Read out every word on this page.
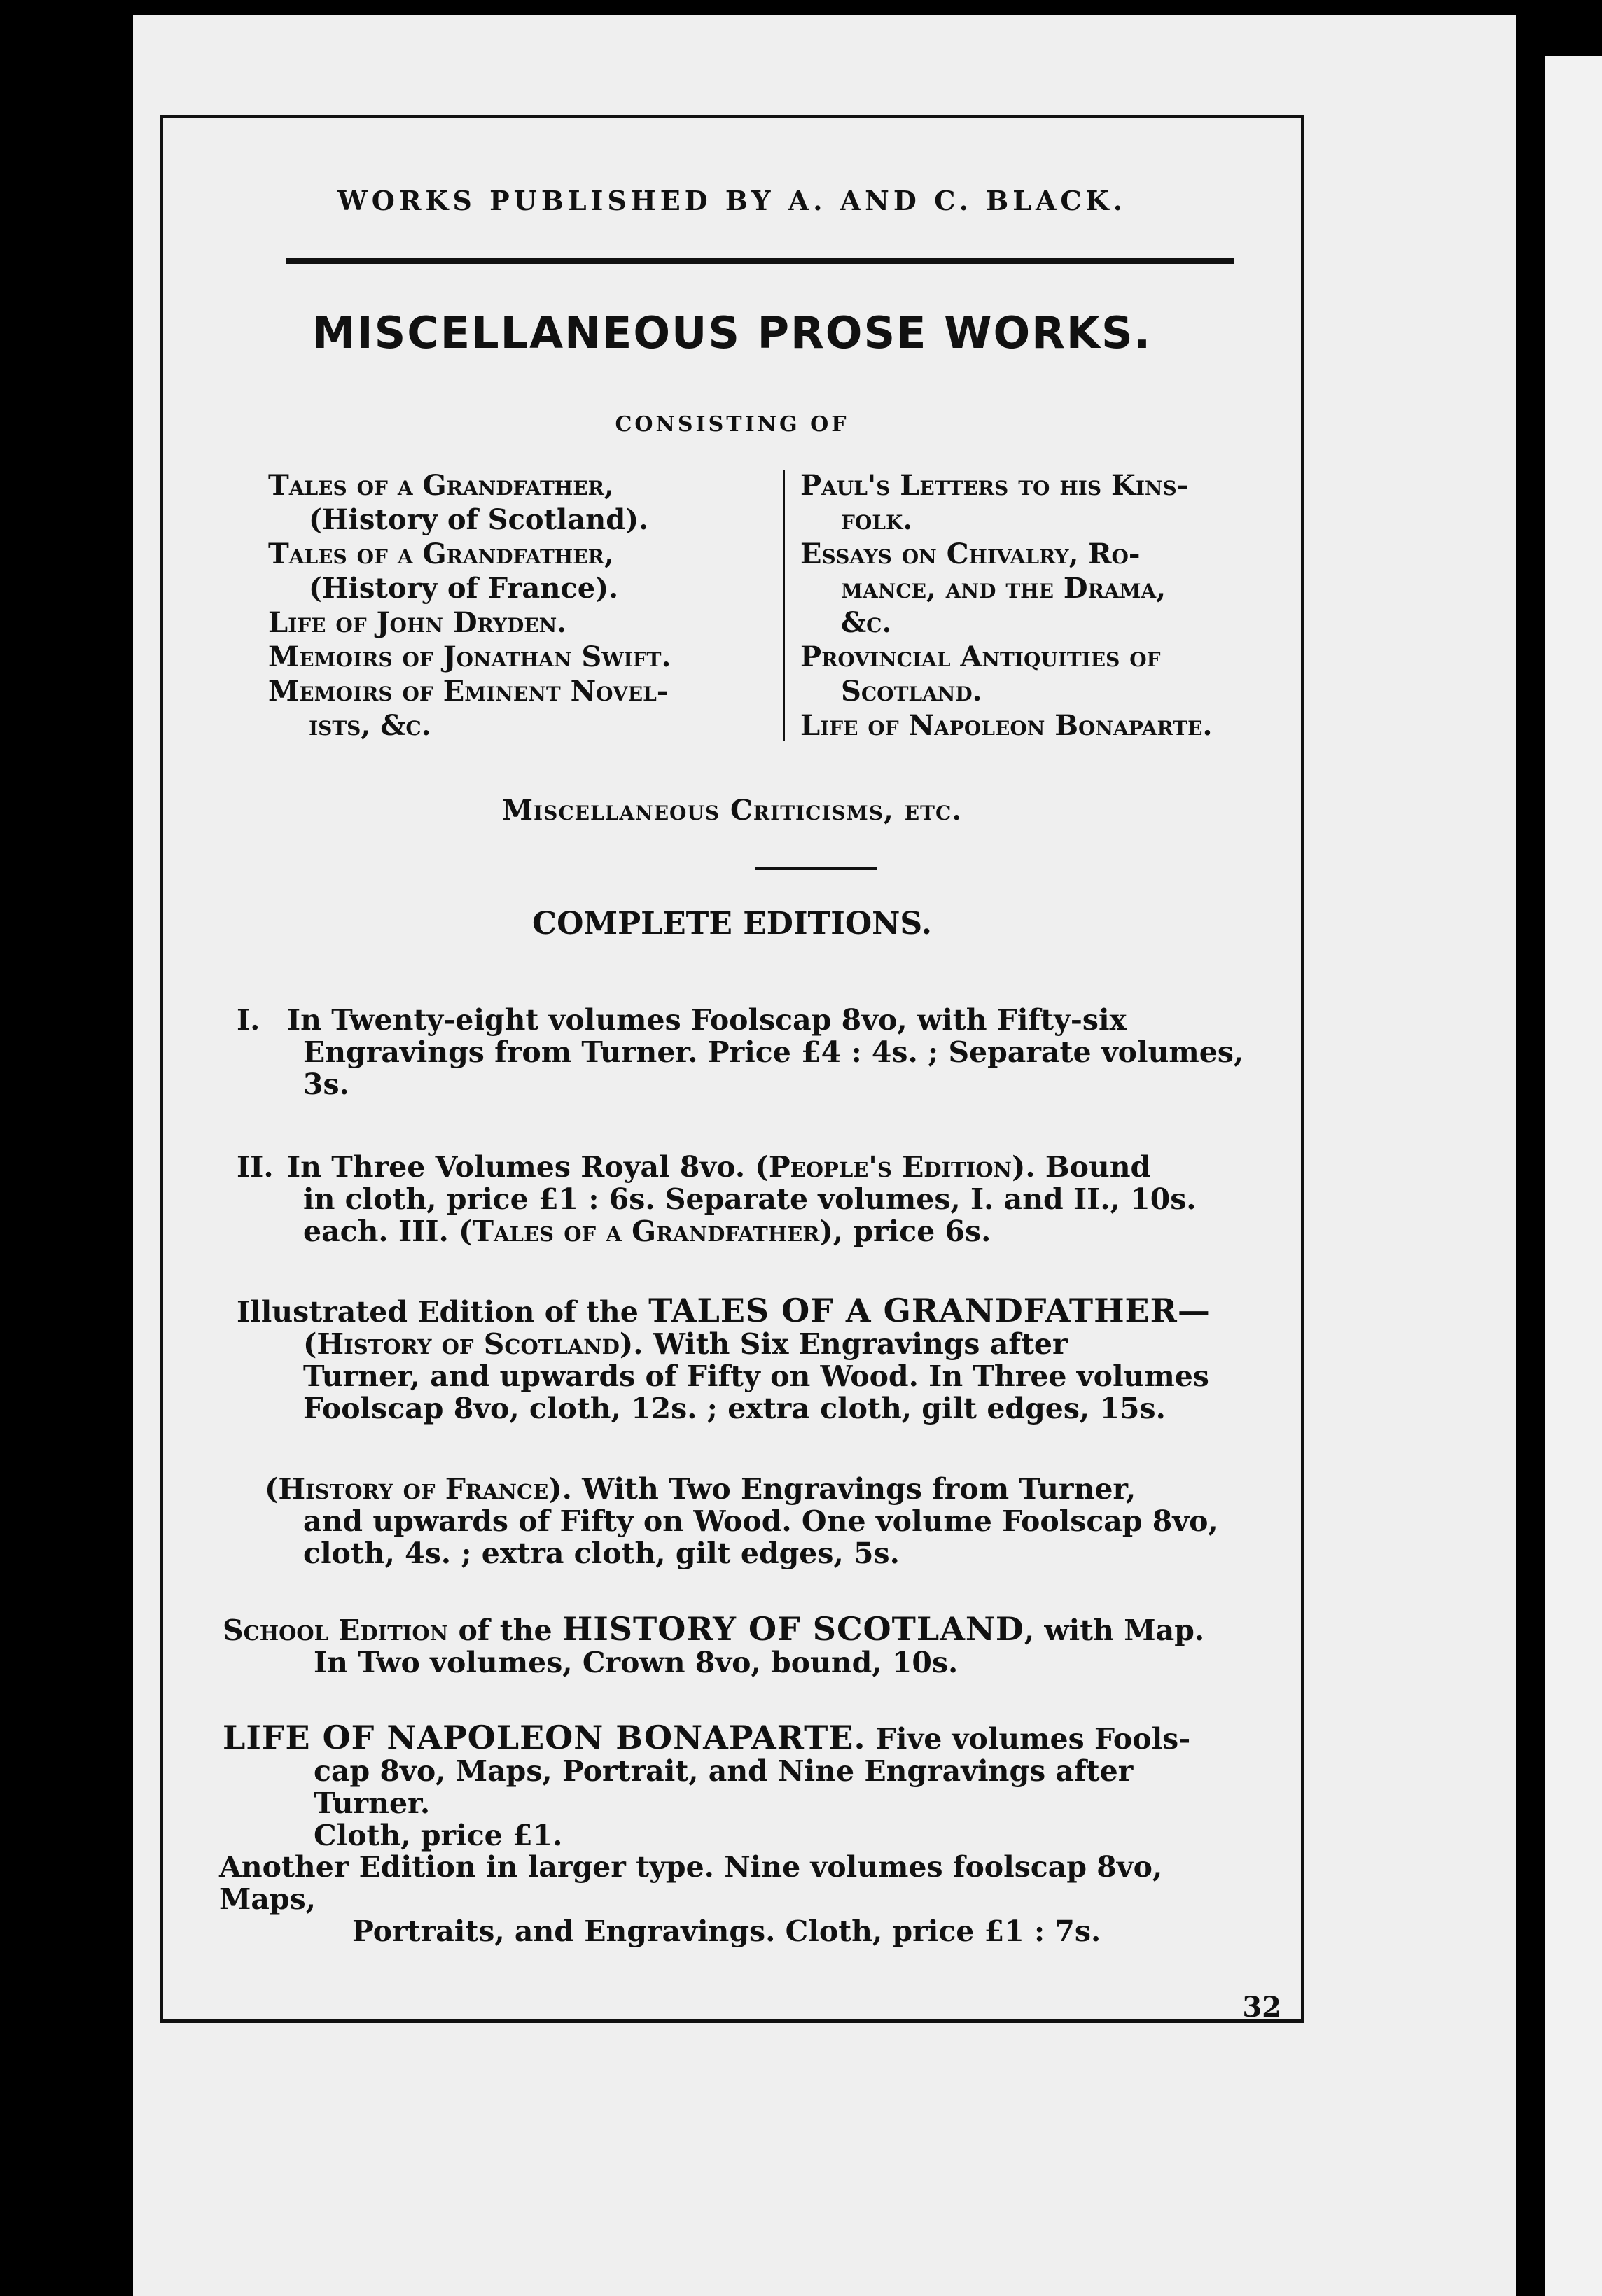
WORKS PUBLISHED BY A. AND C. BLACK.
MISCELLANEOUS PROSE WORKS.
CONSISTING OF
Tales of a Grandfather,
(History of Scotland).
Tales of a Grandfather,
(History of France).
Life of John Dryden.
Memoirs of Jonathan Swift.
Memoirs of Eminent Novel-
ists, &c.
Paul's Letters to his Kins-
folk.
Essays on Chivalry, Ro-
mance, and the Drama,
&c.
Provincial Antiquities of
Scotland.
Life of Napoleon Bonaparte.
Miscellaneous Criticisms, etc.
COMPLETE EDITIONS.
I. In Twenty-eight volumes Foolscap 8vo, with Fifty-six
Engravings from Turner. Price £4 : 4s. ; Separate volumes,
3s.
II. In Three Volumes Royal 8vo. (People's Edition). Bound
in cloth, price £1 : 6s. Separate volumes, I. and II., 10s.
each. III. (Tales of a Grandfather), price 6s.
Illustrated Edition of the TALES OF A GRANDFATHER—
(History of Scotland). With Six Engravings after
Turner, and upwards of Fifty on Wood. In Three volumes
Foolscap 8vo, cloth, 12s. ; extra cloth, gilt edges, 15s.
(History of France). With Two Engravings from Turner,
and upwards of Fifty on Wood. One volume Foolscap 8vo,
cloth, 4s. ; extra cloth, gilt edges, 5s.
School Edition of the HISTORY OF SCOTLAND, with Map.
In Two volumes, Crown 8vo, bound, 10s.
LIFE OF NAPOLEON BONAPARTE. Five volumes Fools-
cap 8vo, Maps, Portrait, and Nine Engravings after Turner.
Cloth, price £1.
Another Edition in larger type. Nine volumes foolscap 8vo, Maps,
Portraits, and Engravings. Cloth, price £1 : 7s.
32
